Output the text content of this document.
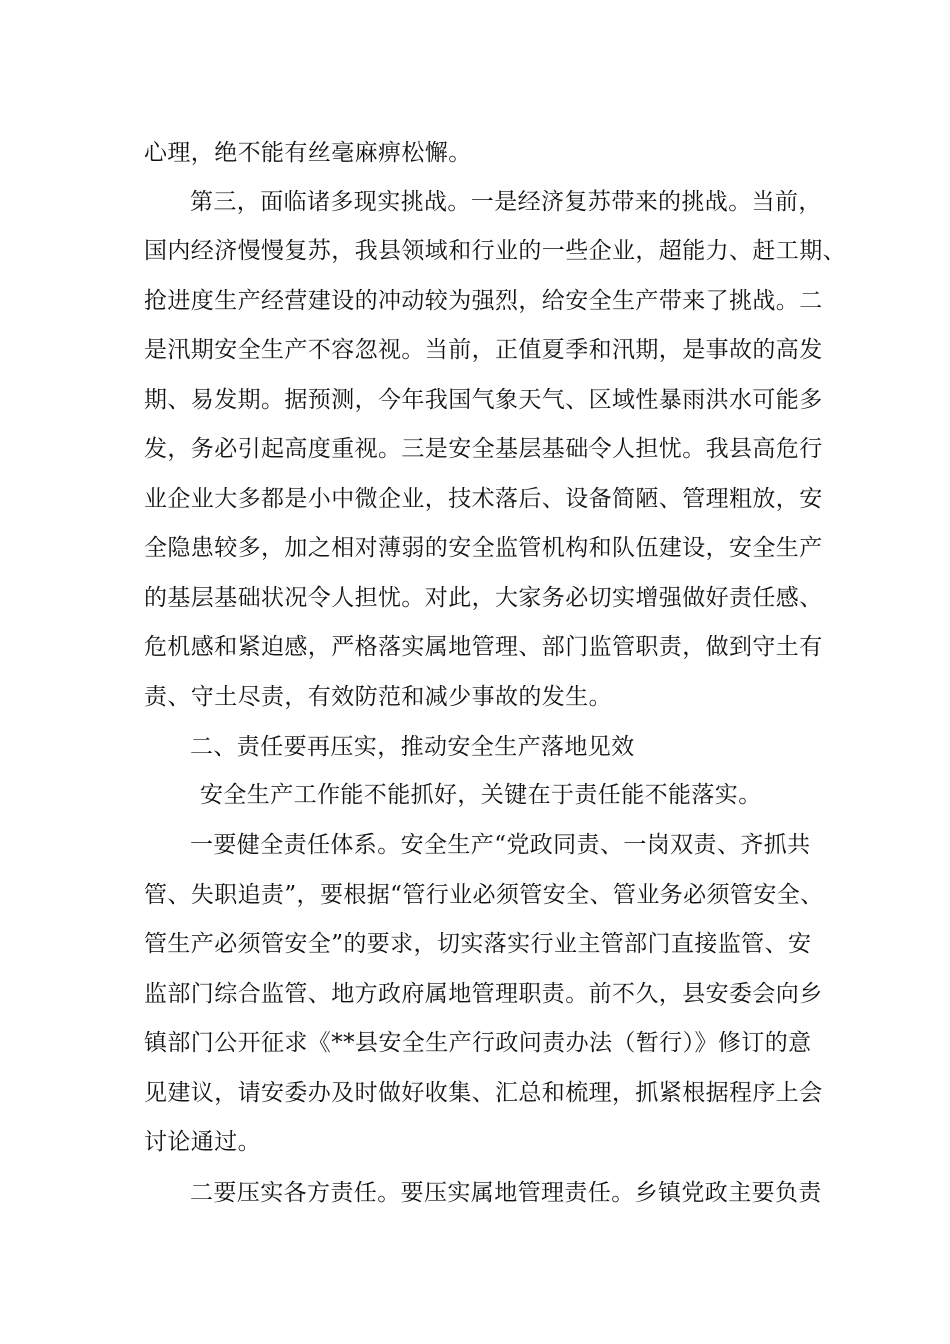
心理，绝不能有丝毫麻痹松懈。
第三，面临诸多现实挑战。一是经济复苏带来的挑战。当前，
国内经济慢慢复苏，我县领域和行业的一些企业，超能力、赶工期、
抢进度生产经营建设的冲动较为强烈，给安全生产带来了挑战。二
是汛期安全生产不容忽视。当前，正值夏季和汛期，是事故的高发
期、易发期。据预测，今年我国气象天气、区域性暴雨洪水可能多
发，务必引起高度重视。三是安全基层基础令人担忧。我县高危行
业企业大多都是小中微企业，技术落后、设备简陋、管理粗放，安
全隐患较多，加之相对薄弱的安全监管机构和队伍建设，安全生产
的基层基础状况令人担忧。对此，大家务必切实增强做好责任感、
危机感和紧迫感，严格落实属地管理、部门监管职责，做到守土有
责、守土尽责，有效防范和减少事故的发生。
二、责任要再压实，推动安全生产落地见效
安全生产工作能不能抓好，关键在于责任能不能落实。
一要健全责任体系。安全生产“党政同责、一岗双责、齐抓共
管、失职追责”，要根据“管行业必须管安全、管业务必须管安全、
管生产必须管安全”的要求，切实落实行业主管部门直接监管、安
监部门综合监管、地方政府属地管理职责。前不久，县安委会向乡
镇部门公开征求《**县安全生产行政问责办法（暂行）》修订的意
见建议，请安委办及时做好收集、汇总和梳理，抓紧根据程序上会
讨论通过。
二要压实各方责任。要压实属地管理责任。乡镇党政主要负责
